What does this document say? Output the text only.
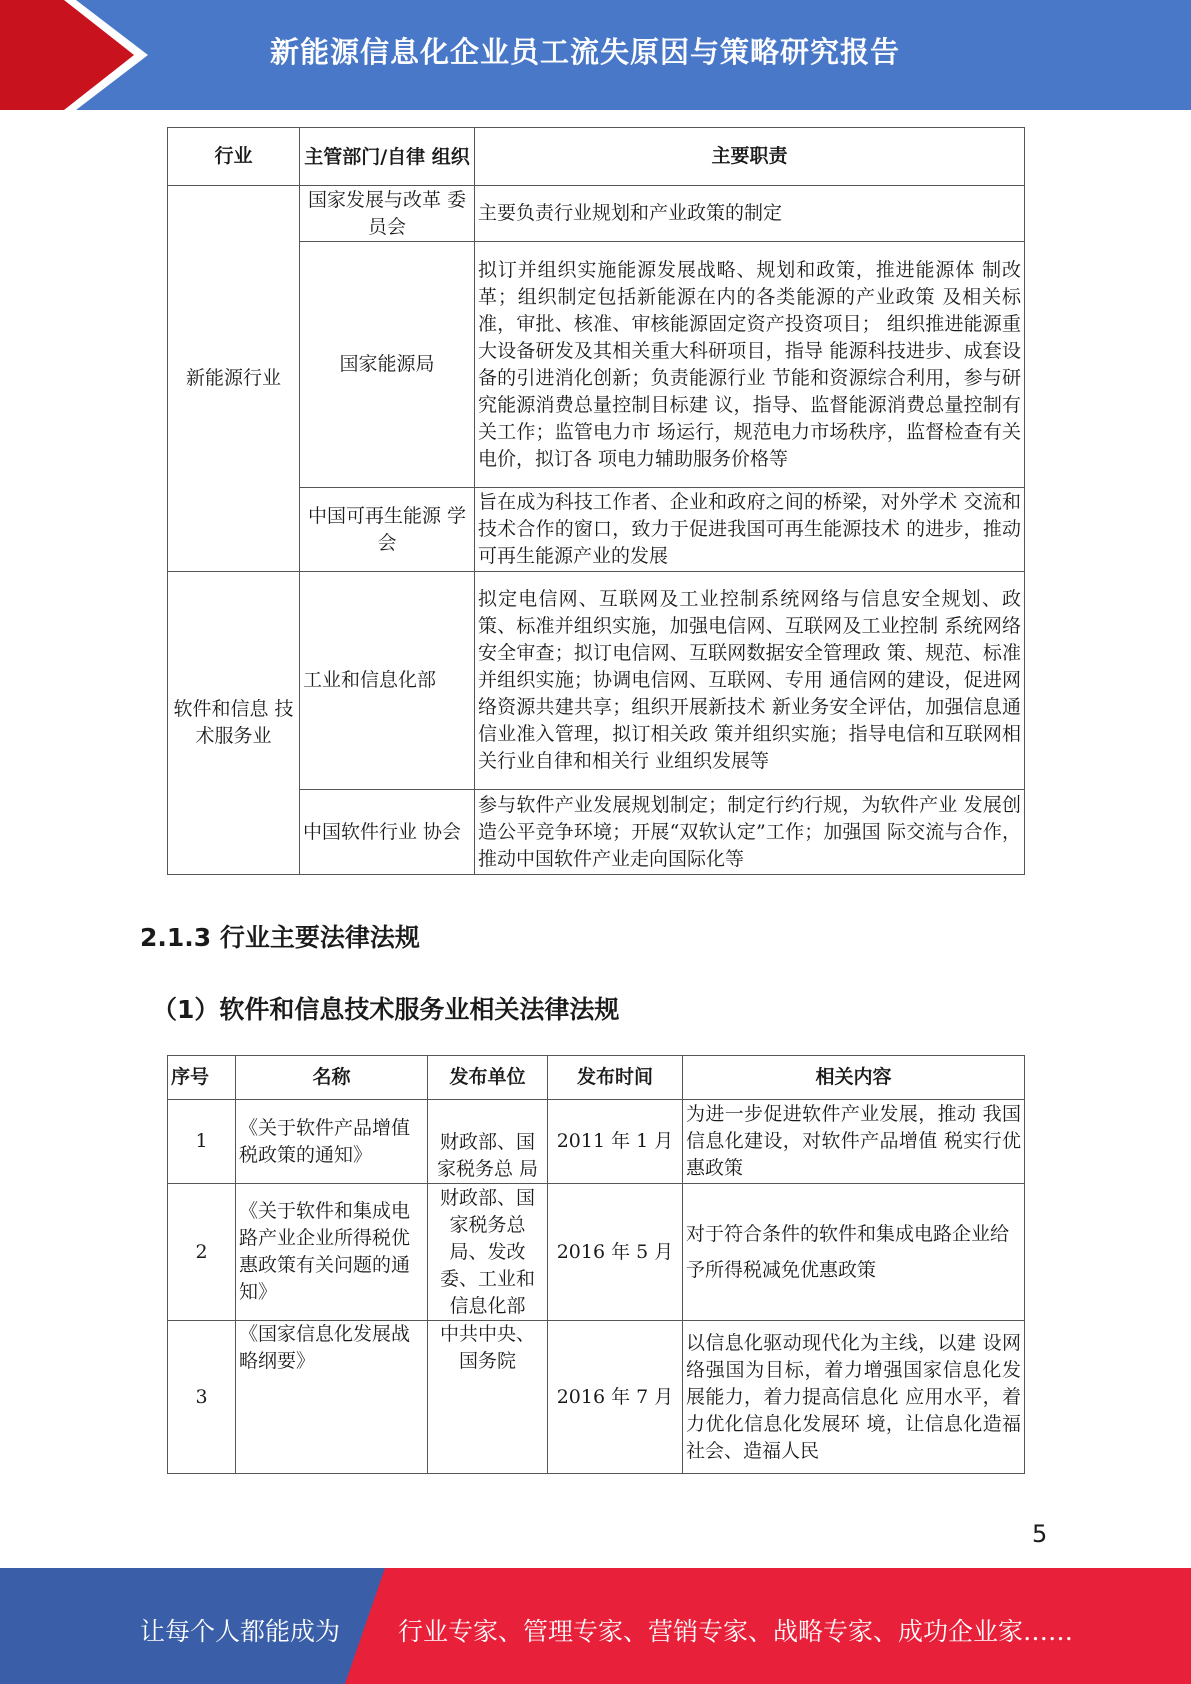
新能源信息化企业员工流失原因与策略研究报告
行业	主管部门/自律 组织	主要职责
新能源行业	国家发展与改革 委员会	主要负责行业规划和产业政策的制定
	国家能源局	拟订并组织实施能源发展战略、规划和政策，推进能源体 制改革；组织制定包括新能源在内的各类能源的产业政策 及相关标准，审批、核准、审核能源固定资产投资项目； 组织推进能源重大设备研发及其相关重大科研项目，指导 能源科技进步、成套设备的引进消化创新；负责能源行业 节能和资源综合利用，参与研究能源消费总量控制目标建 议，指导、监督能源消费总量控制有关工作；监管电力市 场运行，规范电力市场秩序，监督检查有关电价，拟订各 项电力辅助服务价格等
	中国可再生能源 学会	旨在成为科技工作者、企业和政府之间的桥梁，对外学术 交流和技术合作的窗口，致力于促进我国可再生能源技术 的进步，推动可再生能源产业的发展
软件和信息 技术服务业	工业和信息化部	拟定电信网、互联网及工业控制系统网络与信息安全规划、政策、标准并组织实施，加强电信网、互联网及工业控制 系统网络安全审查；拟订电信网、互联网数据安全管理政 策、规范、标准并组织实施；协调电信网、互联网、专用 通信网的建设，促进网络资源共建共享；组织开展新技术 新业务安全评估，加强信息通信业准入管理，拟订相关政 策并组织实施；指导电信和互联网相关行业自律和相关行 业组织发展等
	中国软件行业 协会	参与软件产业发展规划制定；制定行约行规，为软件产业 发展创造公平竞争环境；开展“双软认定”工作；加强国 际交流与合作，推动中国软件产业走向国际化等
2.1.3 行业主要法律法规
（1）软件和信息技术服务业相关法律法规
序号	名称	发布单位	发布时间	相关内容
1	《关于软件产品增值税政策的通知》	财政部、国家税务总 局	2011 年 1 月	为进一步促进软件产业发展，推动 我国信息化建设，对软件产品增值 税实行优惠政策
2	《关于软件和集成电路产业企业所得税优惠政策有关问题的通知》	财政部、国家税务总局、发改委、工业和信息化部	2016 年 5 月	对于符合条件的软件和集成电路企业给予所得税减免优惠政策
3	《国家信息化发展战略纲要》	中共中央、国务院	2016 年 7 月	以信息化驱动现代化为主线，以建 设网络强国为目标，着力增强国家信息化发展能力，着力提高信息化 应用水平，着力优化信息化发展环 境，让信息化造福社会、造福人民
5
让每个人都能成为 行业专家、管理专家、营销专家、战略专家、成功企业家……
